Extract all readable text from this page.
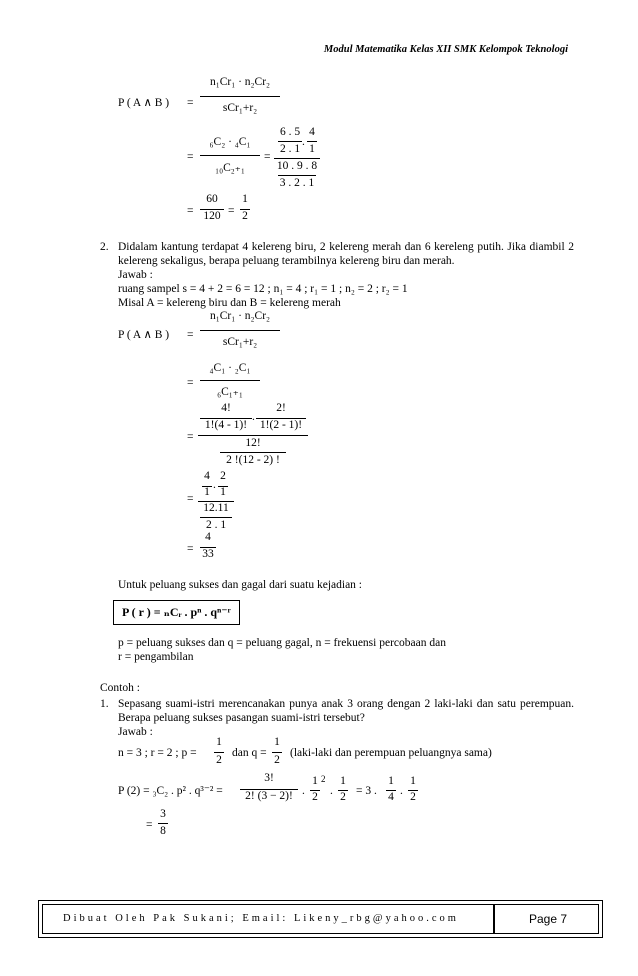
Modul Matematika Kelas XII SMK Kelompok Teknologi
P ( A ∧ B ) =
n₁Cr₁ · n₂Cr₂
sCr₁+r₂
=
₆C₂ · ₄C₁
₁₀C₂₊₁
=
6 . 5 4
.
2 . 1 1
10 . 9 . 8
3 . 2 . 1
=
60
120 =
1
2
2. Didalam kantung terdapat 4 kelereng biru, 2 kelereng merah dan 6 kereleng putih. Jika diambil 2 kelereng sekaligus, berapa peluang terambilnya kelereng biru dan merah.
Jawab :
ruang sampel s = 4 + 2 = 6 = 12 ; n₁ = 4 ; r₁ = 1 ; n₂ = 2 ; r₂ = 1
Misal A = kelereng biru dan B = kelereng merah
P ( A ∧ B ) =
n₁Cr₁ · n₂Cr₂
sCr₁+r₂
=
₄C₁ · ₂C₁
₆C₁₊₁
=
4!
1!(4 - 1)!
.
2!
1!(2 - 1)!
12!
2 !(12 - 2) !
=
4
1
.
2
1
12.11
2 . 1
=
4
33
Untuk peluang sukses dan gagal dari suatu kejadian :
P ( r ) = ₙCᵣ . pⁿ . qⁿ⁻ʳ
p = peluang sukses dan q = peluang gagal, n = frekuensi percobaan dan
r = pengambilan
Contoh :
1. Sepasang suami-istri merencanakan punya anak 3 orang dengan 2 laki-laki dan satu perempuan. Berapa peluang sukses pasangan suami-istri tersebut?
Jawab :
n = 3 ; r = 2 ; p =
1
2
dan q =
1
2
(laki-laki dan perempuan peluangnya sama)
P (2) = ₃C₂ . p² . q³⁻² =
3!
2! (3 − 2)! .
1 2
2 .
1
2 = 3 .
1
4 .
1
2
=
3
8
Dibuat Oleh Pak Sukani; Email: Likeny_rbg@yahoo.com	Page 7
